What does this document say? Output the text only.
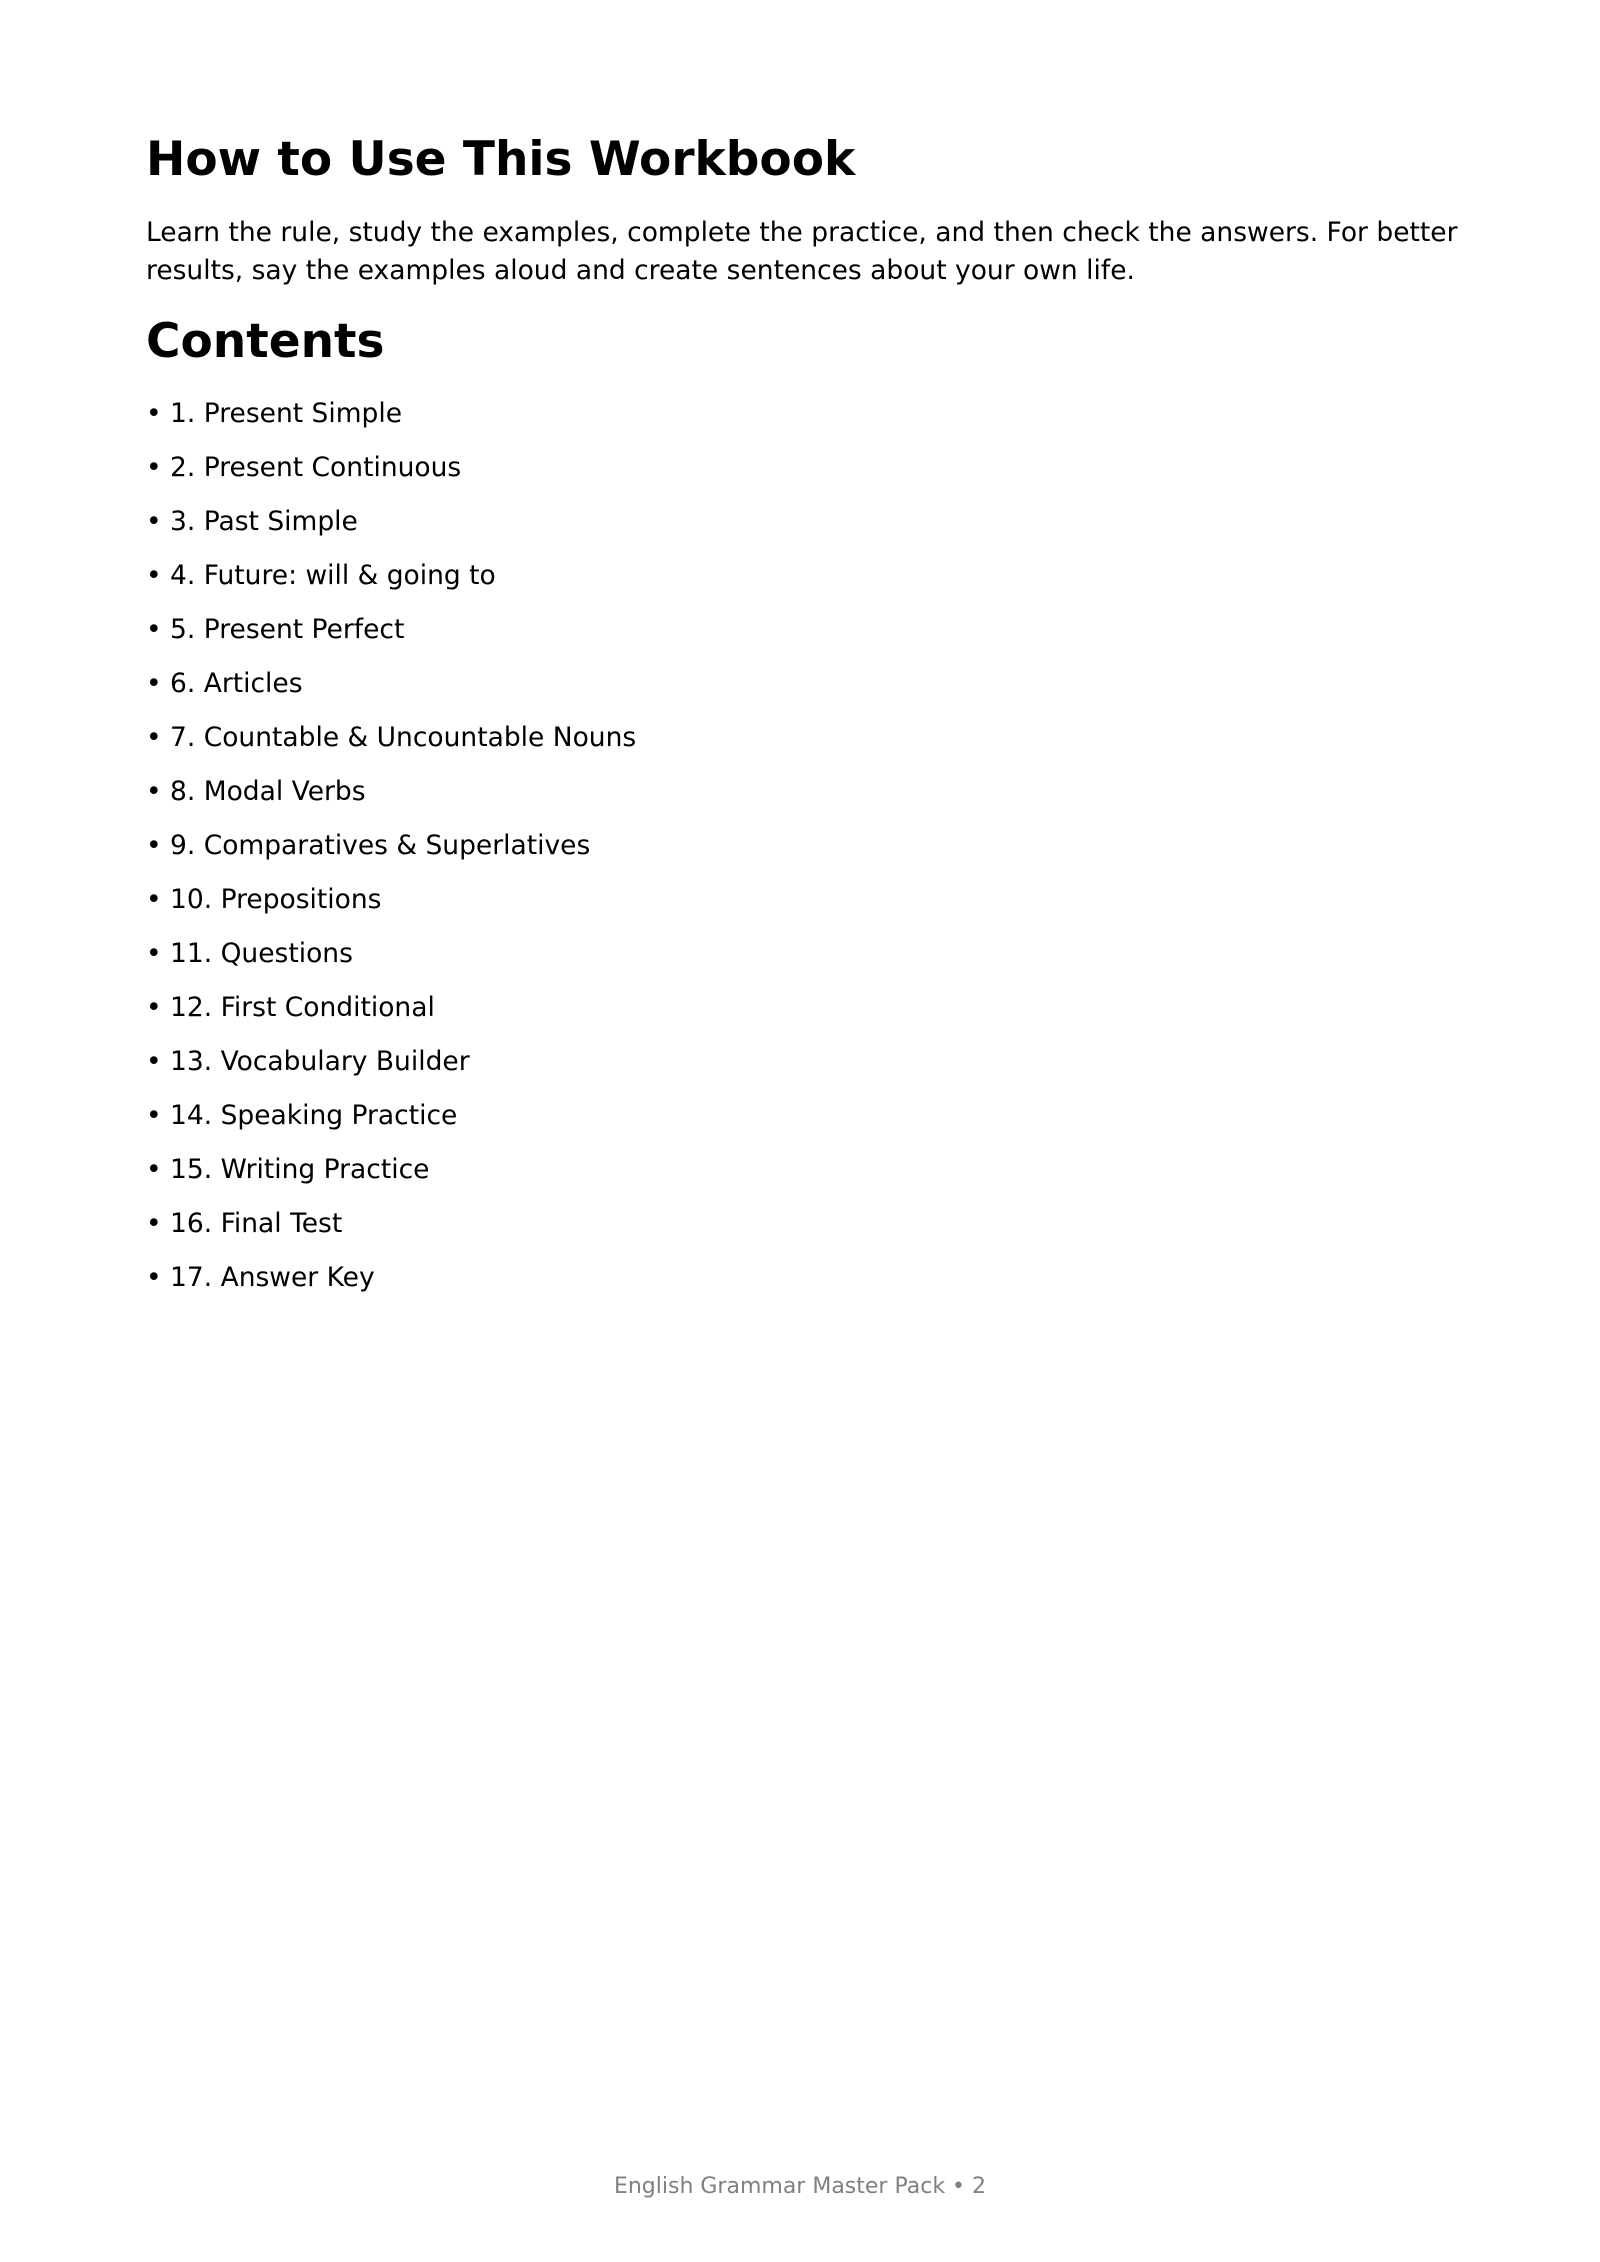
How to Use This Workbook

Learn the rule, study the examples, complete the practice, and then check the answers. For better results, say the examples aloud and create sentences about your own life.

Contents
• 1. Present Simple
• 2. Present Continuous
• 3. Past Simple
• 4. Future: will & going to
• 5. Present Perfect
• 6. Articles
• 7. Countable & Uncountable Nouns
• 8. Modal Verbs
• 9. Comparatives & Superlatives
• 10. Prepositions
• 11. Questions
• 12. First Conditional
• 13. Vocabulary Builder
• 14. Speaking Practice
• 15. Writing Practice
• 16. Final Test
• 17. Answer Key
English Grammar Master Pack • 2
